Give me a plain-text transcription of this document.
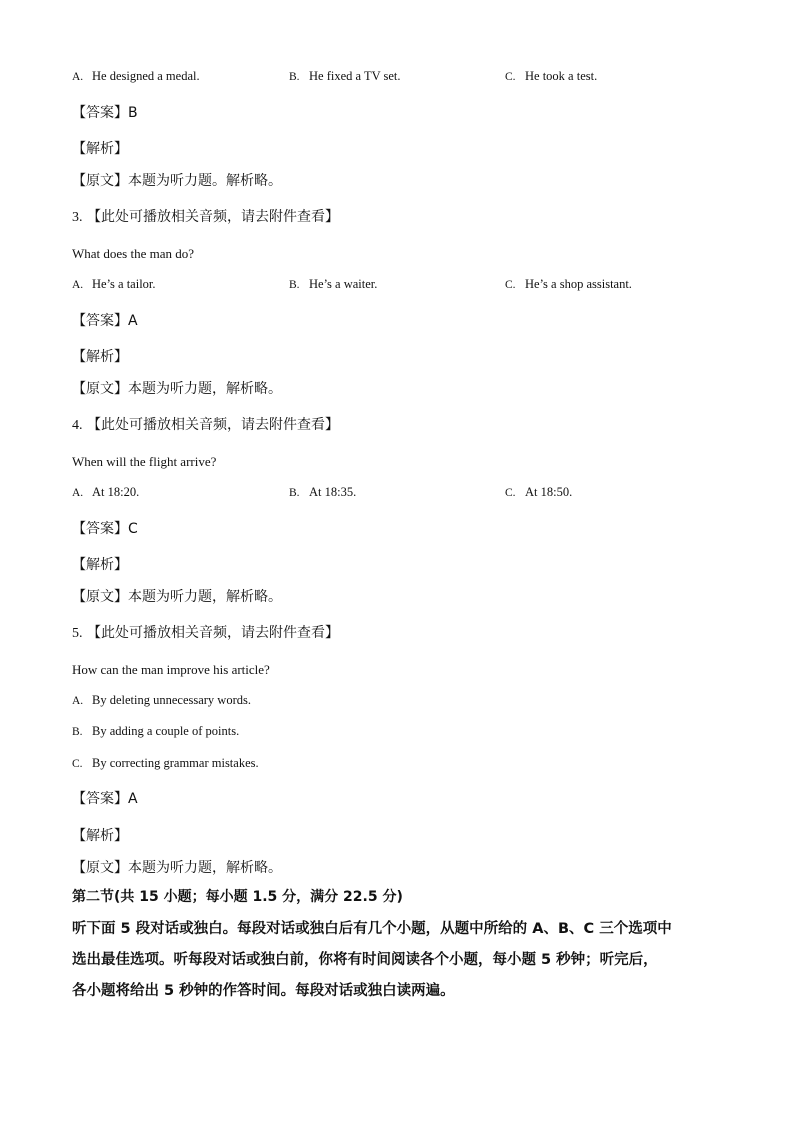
A. He designed a medal.	B. He fixed a TV set.	C. He took a test.
【答案】B
【解析】
【原文】本题为听力题。解析略。
3. 【此处可播放相关音频，请去附件查看】
What does the man do?
A. He’s a tailor.	B. He’s a waiter.	C. He’s a shop assistant.
【答案】A
【解析】
【原文】本题为听力题，解析略。
4. 【此处可播放相关音频，请去附件查看】
When will the flight arrive?
A. At 18:20.	B. At 18:35.	C. At 18:50.
【答案】C
【解析】
【原文】本题为听力题，解析略。
5. 【此处可播放相关音频，请去附件查看】
How can the man improve his article?
A. By deleting unnecessary words.
B. By adding a couple of points.
C. By correcting grammar mistakes.
【答案】A
【解析】
【原文】本题为听力题，解析略。
第二节(共 15 小题；每小题 1.5 分，满分 22.5 分)
听下面 5 段对话或独白。每段对话或独白后有几个小题，从题中所给的 A、B、C 三个选项中
选出最佳选项。听每段对话或独白前，你将有时间阅读各个小题，每小题 5 秒钟；听完后，
各小题将给出 5 秒钟的作答时间。每段对话或独白读两遍。
